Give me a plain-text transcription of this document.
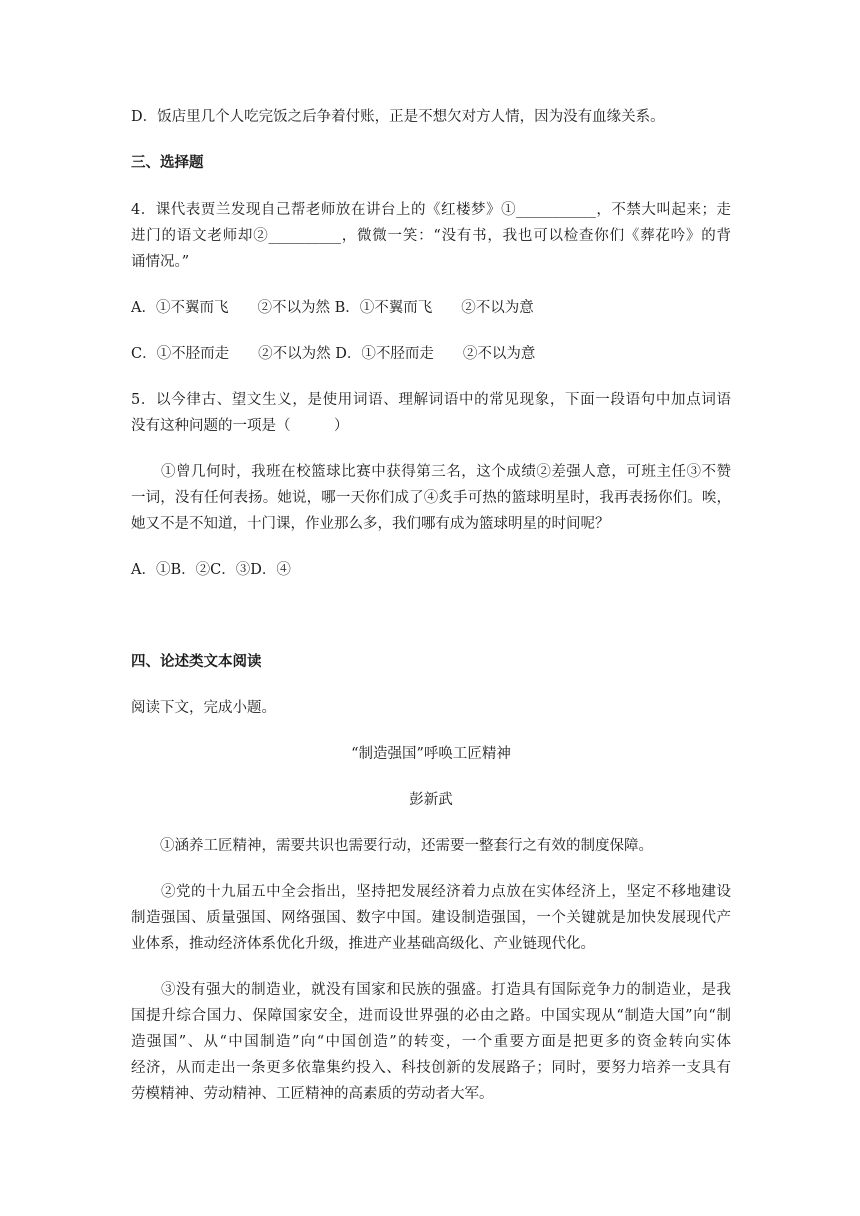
D．饭店里几个人吃完饭之后争着付账，正是不想欠对方人情，因为没有血缘关系。
三、选择题
4．课代表贾兰发现自己帮老师放在讲台上的《红楼梦》①___________，不禁大叫起来；走
进门的语文老师却②__________，微微一笑：“没有书，我也可以检查你们《葬花吟》的背
诵情况。”
A．①不翼而飞　　②不以为然 B．①不翼而飞　　②不以为意
C．①不胫而走　　②不以为然 D．①不胫而走　　②不以为意
5．以今律古、望文生义，是使用词语、理解词语中的常见现象，下面一段语句中加点词语
没有这种问题的一项是（　　　）
　　①曾几何时，我班在校篮球比赛中获得第三名，这个成绩②差强人意，可班主任③不赞
一词，没有任何表扬。她说，哪一天你们成了④炙手可热的篮球明星时，我再表扬你们。唉，
她又不是不知道，十门课，作业那么多，我们哪有成为篮球明星的时间呢？
A．①B．②C．③D．④
四、论述类文本阅读
阅读下文，完成小题。
“制造强国”呼唤工匠精神
彭新武
　　①涵养工匠精神，需要共识也需要行动，还需要一整套行之有效的制度保障。
　　②党的十九届五中全会指出，坚持把发展经济着力点放在实体经济上，坚定不移地建设
制造强国、质量强国、网络强国、数字中国。建设制造强国，一个关键就是加快发展现代产
业体系，推动经济体系优化升级，推进产业基础高级化、产业链现代化。
　　③没有强大的制造业，就没有国家和民族的强盛。打造具有国际竞争力的制造业，是我
国提升综合国力、保障国家安全，进而设世界强的必由之路。中国实现从“制造大国”向“制
造强国”、从“中国制造”向“中国创造”的转变，一个重要方面是把更多的资金转向实体
经济，从而走出一条更多依靠集约投入、科技创新的发展路子；同时，要努力培养一支具有
劳模精神、劳动精神、工匠精神的高素质的劳动者大军。
